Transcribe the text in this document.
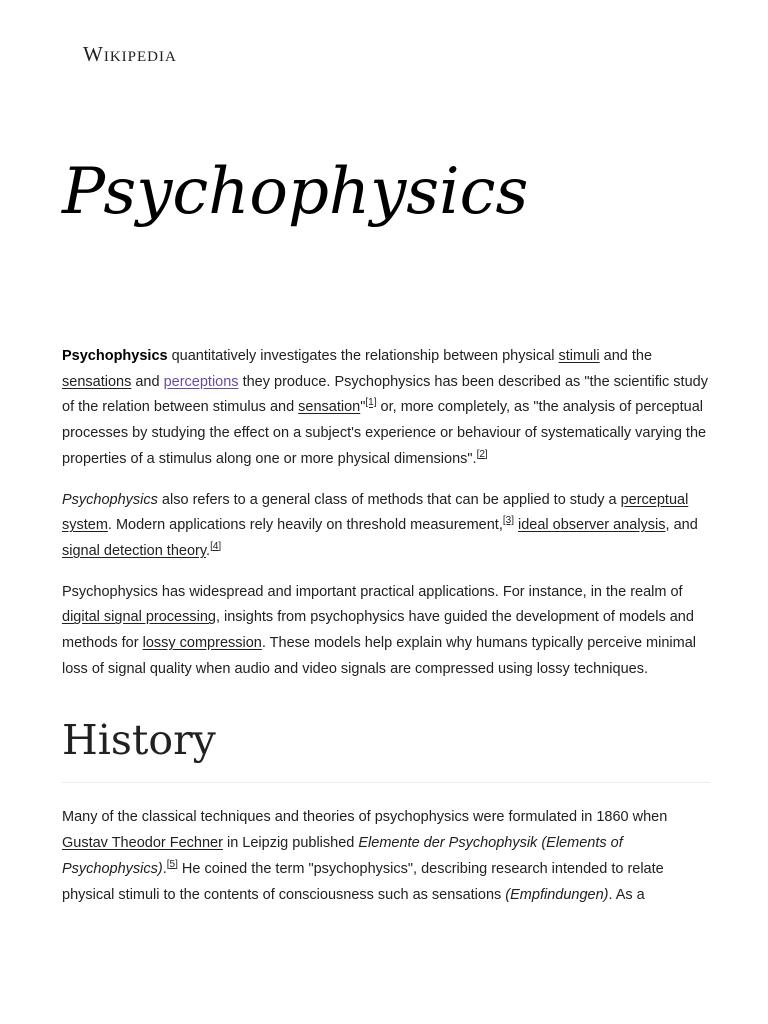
Wikipedia
Psychophysics

Psychophysics quantitatively investigates the relationship between physical stimuli and the sensations and perceptions they produce. Psychophysics has been described as "the scientific study of the relation between stimulus and sensation"[1] or, more completely, as "the analysis of perceptual processes by studying the effect on a subject's experience or behaviour of systematically varying the properties of a stimulus along one or more physical dimensions".[2]

Psychophysics also refers to a general class of methods that can be applied to study a perceptual system. Modern applications rely heavily on threshold measurement,[3] ideal observer analysis, and signal detection theory.[4]

Psychophysics has widespread and important practical applications. For instance, in the realm of digital signal processing, insights from psychophysics have guided the development of models and methods for lossy compression. These models help explain why humans typically perceive minimal loss of signal quality when audio and video signals are compressed using lossy techniques.

History

Many of the classical techniques and theories of psychophysics were formulated in 1860 when Gustav Theodor Fechner in Leipzig published Elemente der Psychophysik (Elements of Psychophysics).[5] He coined the term "psychophysics", describing research intended to relate physical stimuli to the contents of consciousness such as sensations (Empfindungen). As a
